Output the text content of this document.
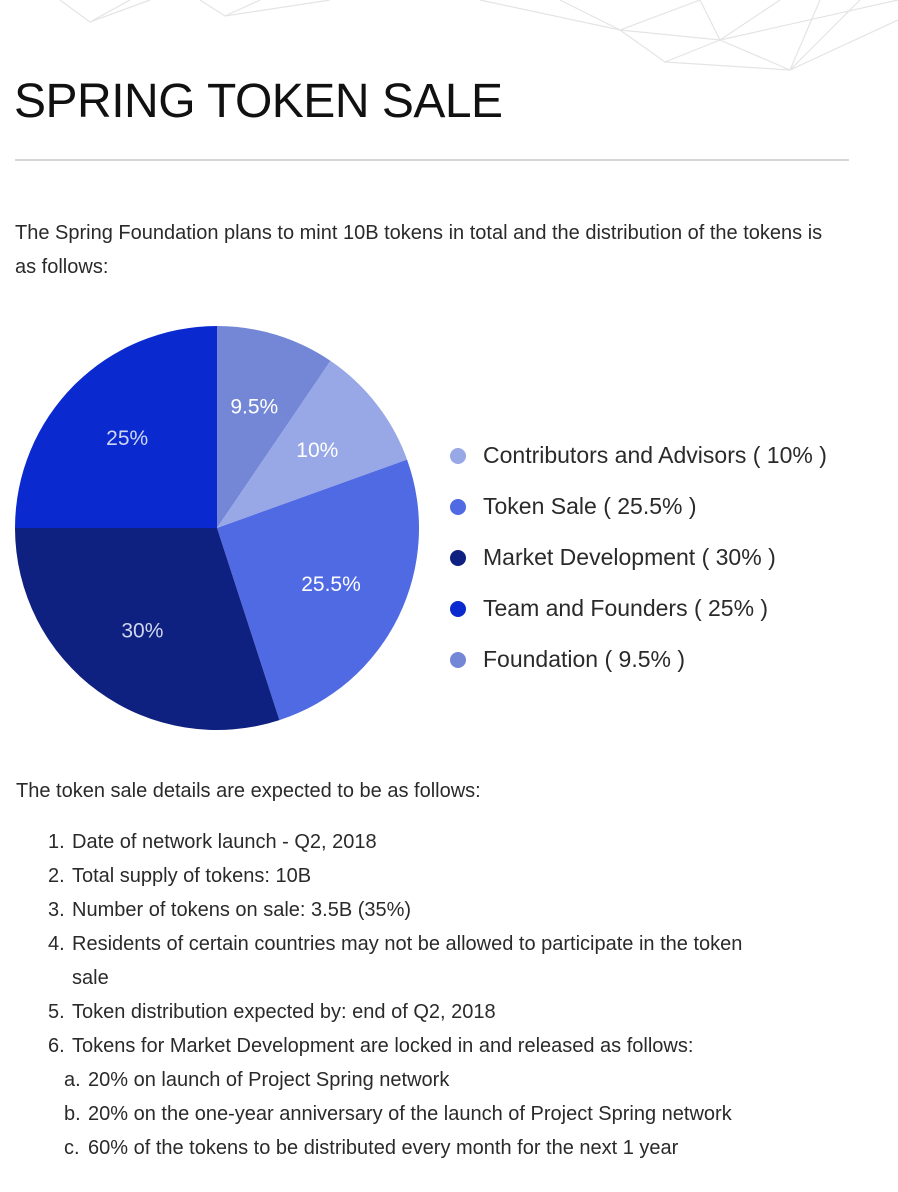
SPRING TOKEN SALE

The Spring Foundation plans to mint 10B tokens in total and the distribution of the tokens is as follows:

9.5%
10%
25.5%
30%
25%
Contributors and Advisors ( 10% )
Token Sale ( 25.5% )
Market Development ( 30% )
Team and Founders ( 25% )
Foundation ( 9.5% )

The token sale details are expected to be as follows:

1. Date of network launch - Q2, 2018
2. Total supply of tokens: 10B
3. Number of tokens on sale: 3.5B (35%)
4. Residents of certain countries may not be allowed to participate in the token sale
5. Token distribution expected by: end of Q2, 2018
6. Tokens for Market Development are locked in and released as follows:
a. 20% on launch of Project Spring network
b. 20% on the one-year anniversary of the launch of Project Spring network
c. 60% of the tokens to be distributed every month for the next 1 year
